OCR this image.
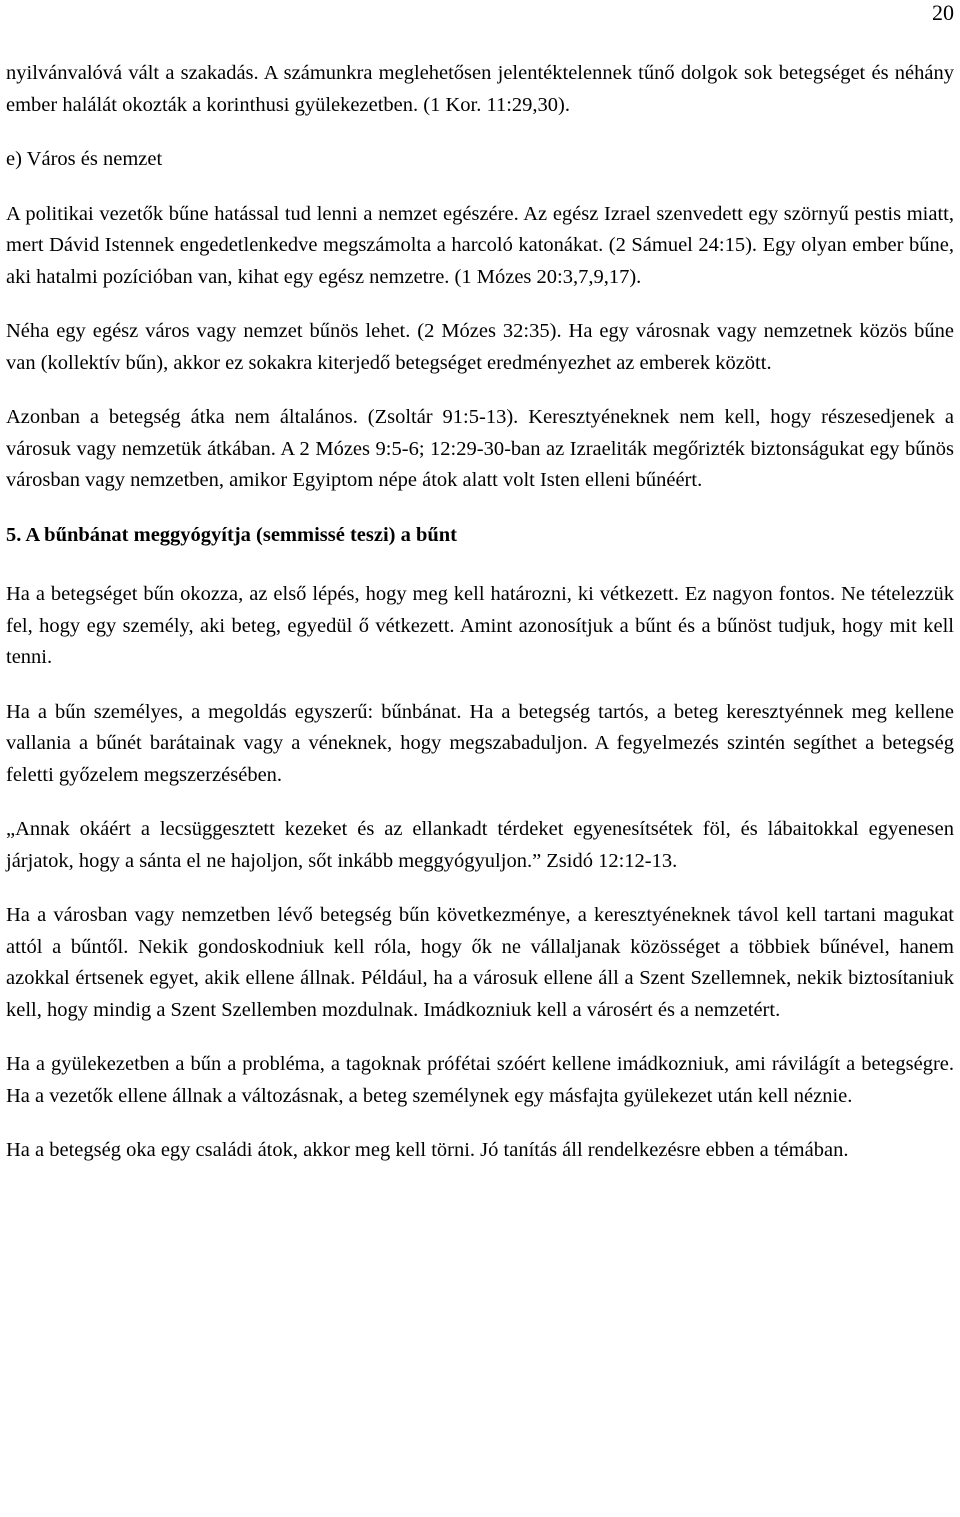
20

nyilvánvalóvá vált a szakadás. A számunkra meglehetősen jelentéktelennek tűnő dolgok sok betegséget és néhány ember halálát okozták a korinthusi gyülekezetben. (1 Kor. 11:29,30).

e) Város és nemzet

A politikai vezetők bűne hatással tud lenni a nemzet egészére. Az egész Izrael szenvedett egy szörnyű pestis miatt, mert Dávid Istennek engedetlenkedve megszámolta a harcoló katonákat. (2 Sámuel 24:15). Egy olyan ember bűne, aki hatalmi pozícióban van, kihat egy egész nemzetre. (1 Mózes 20:3,7,9,17).

Néha egy egész város vagy nemzet bűnös lehet. (2 Mózes 32:35). Ha egy városnak vagy nemzetnek közös bűne van (kollektív bűn), akkor ez sokakra kiterjedő betegséget eredményezhet az emberek között.

Azonban a betegség átka nem általános. (Zsoltár 91:5-13). Keresztyéneknek nem kell, hogy részesedjenek a városuk vagy nemzetük átkában. A 2 Mózes 9:5-6; 12:29-30-ban az Izraeliták megőrizték biztonságukat egy bűnös városban vagy nemzetben, amikor Egyiptom népe átok alatt volt Isten elleni bűnéért.

5. A bűnbánat meggyógyítja (semmissé teszi) a bűnt

Ha a betegséget bűn okozza, az első lépés, hogy meg kell határozni, ki vétkezett. Ez nagyon fontos. Ne tételezzük fel, hogy egy személy, aki beteg, egyedül ő vétkezett. Amint azonosítjuk a bűnt és a bűnöst tudjuk, hogy mit kell tenni.

Ha a bűn személyes, a megoldás egyszerű: bűnbánat. Ha a betegség tartós, a beteg keresztyénnek meg kellene vallania a bűnét barátainak vagy a véneknek, hogy megszabaduljon. A fegyelmezés szintén segíthet a betegség feletti győzelem megszerzésében.

„Annak okáért a lecsüggesztett kezeket és az ellankadt térdeket egyenesítsétek föl, és lábaitokkal egyenesen járjatok, hogy a sánta el ne hajoljon, sőt inkább meggyógyuljon.” Zsidó 12:12-13.

Ha a városban vagy nemzetben lévő betegség bűn következménye, a keresztyéneknek távol kell tartani magukat attól a bűntől. Nekik gondoskodniuk kell róla, hogy ők ne vállaljanak közösséget a többiek bűnével, hanem azokkal értsenek egyet, akik ellene állnak. Például, ha a városuk ellene áll a Szent Szellemnek, nekik biztosítaniuk kell, hogy mindig a Szent Szellemben mozdulnak. Imádkozniuk kell a városért és a nemzetért.

Ha a gyülekezetben a bűn a probléma, a tagoknak prófétai szóért kellene imádkozniuk, ami rávilágít a betegségre. Ha a vezetők ellene állnak a változásnak, a beteg személynek egy másfajta gyülekezet után kell néznie.

Ha a betegség oka egy családi átok, akkor meg kell törni. Jó tanítás áll rendelkezésre ebben a témában.
